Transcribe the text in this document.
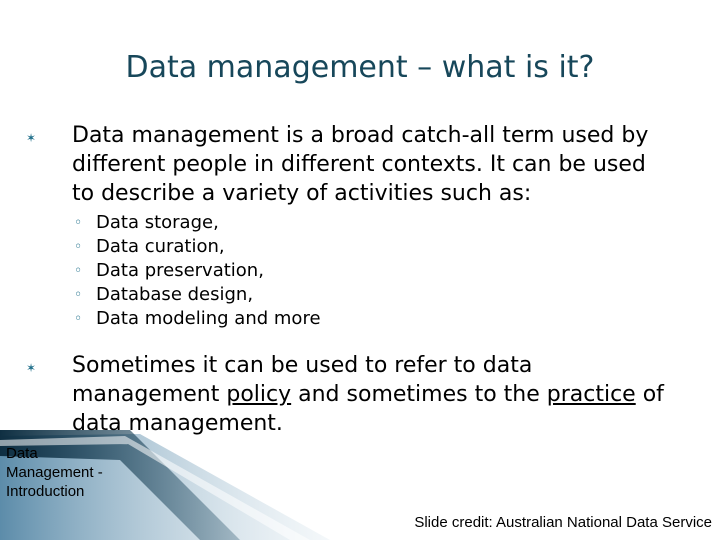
Data management – what is it?
✶ Data management is a broad catch-all term used by different people in different contexts. It can be used to describe a variety of activities such as:
◦ Data storage,
◦ Data curation,
◦ Data preservation,
◦ Database design,
◦ Data modeling and more
✶ Sometimes it can be used to refer to data management policy and sometimes to the practice of data management.
Data
Management -
Introduction
Slide credit: Australian National Data Service
